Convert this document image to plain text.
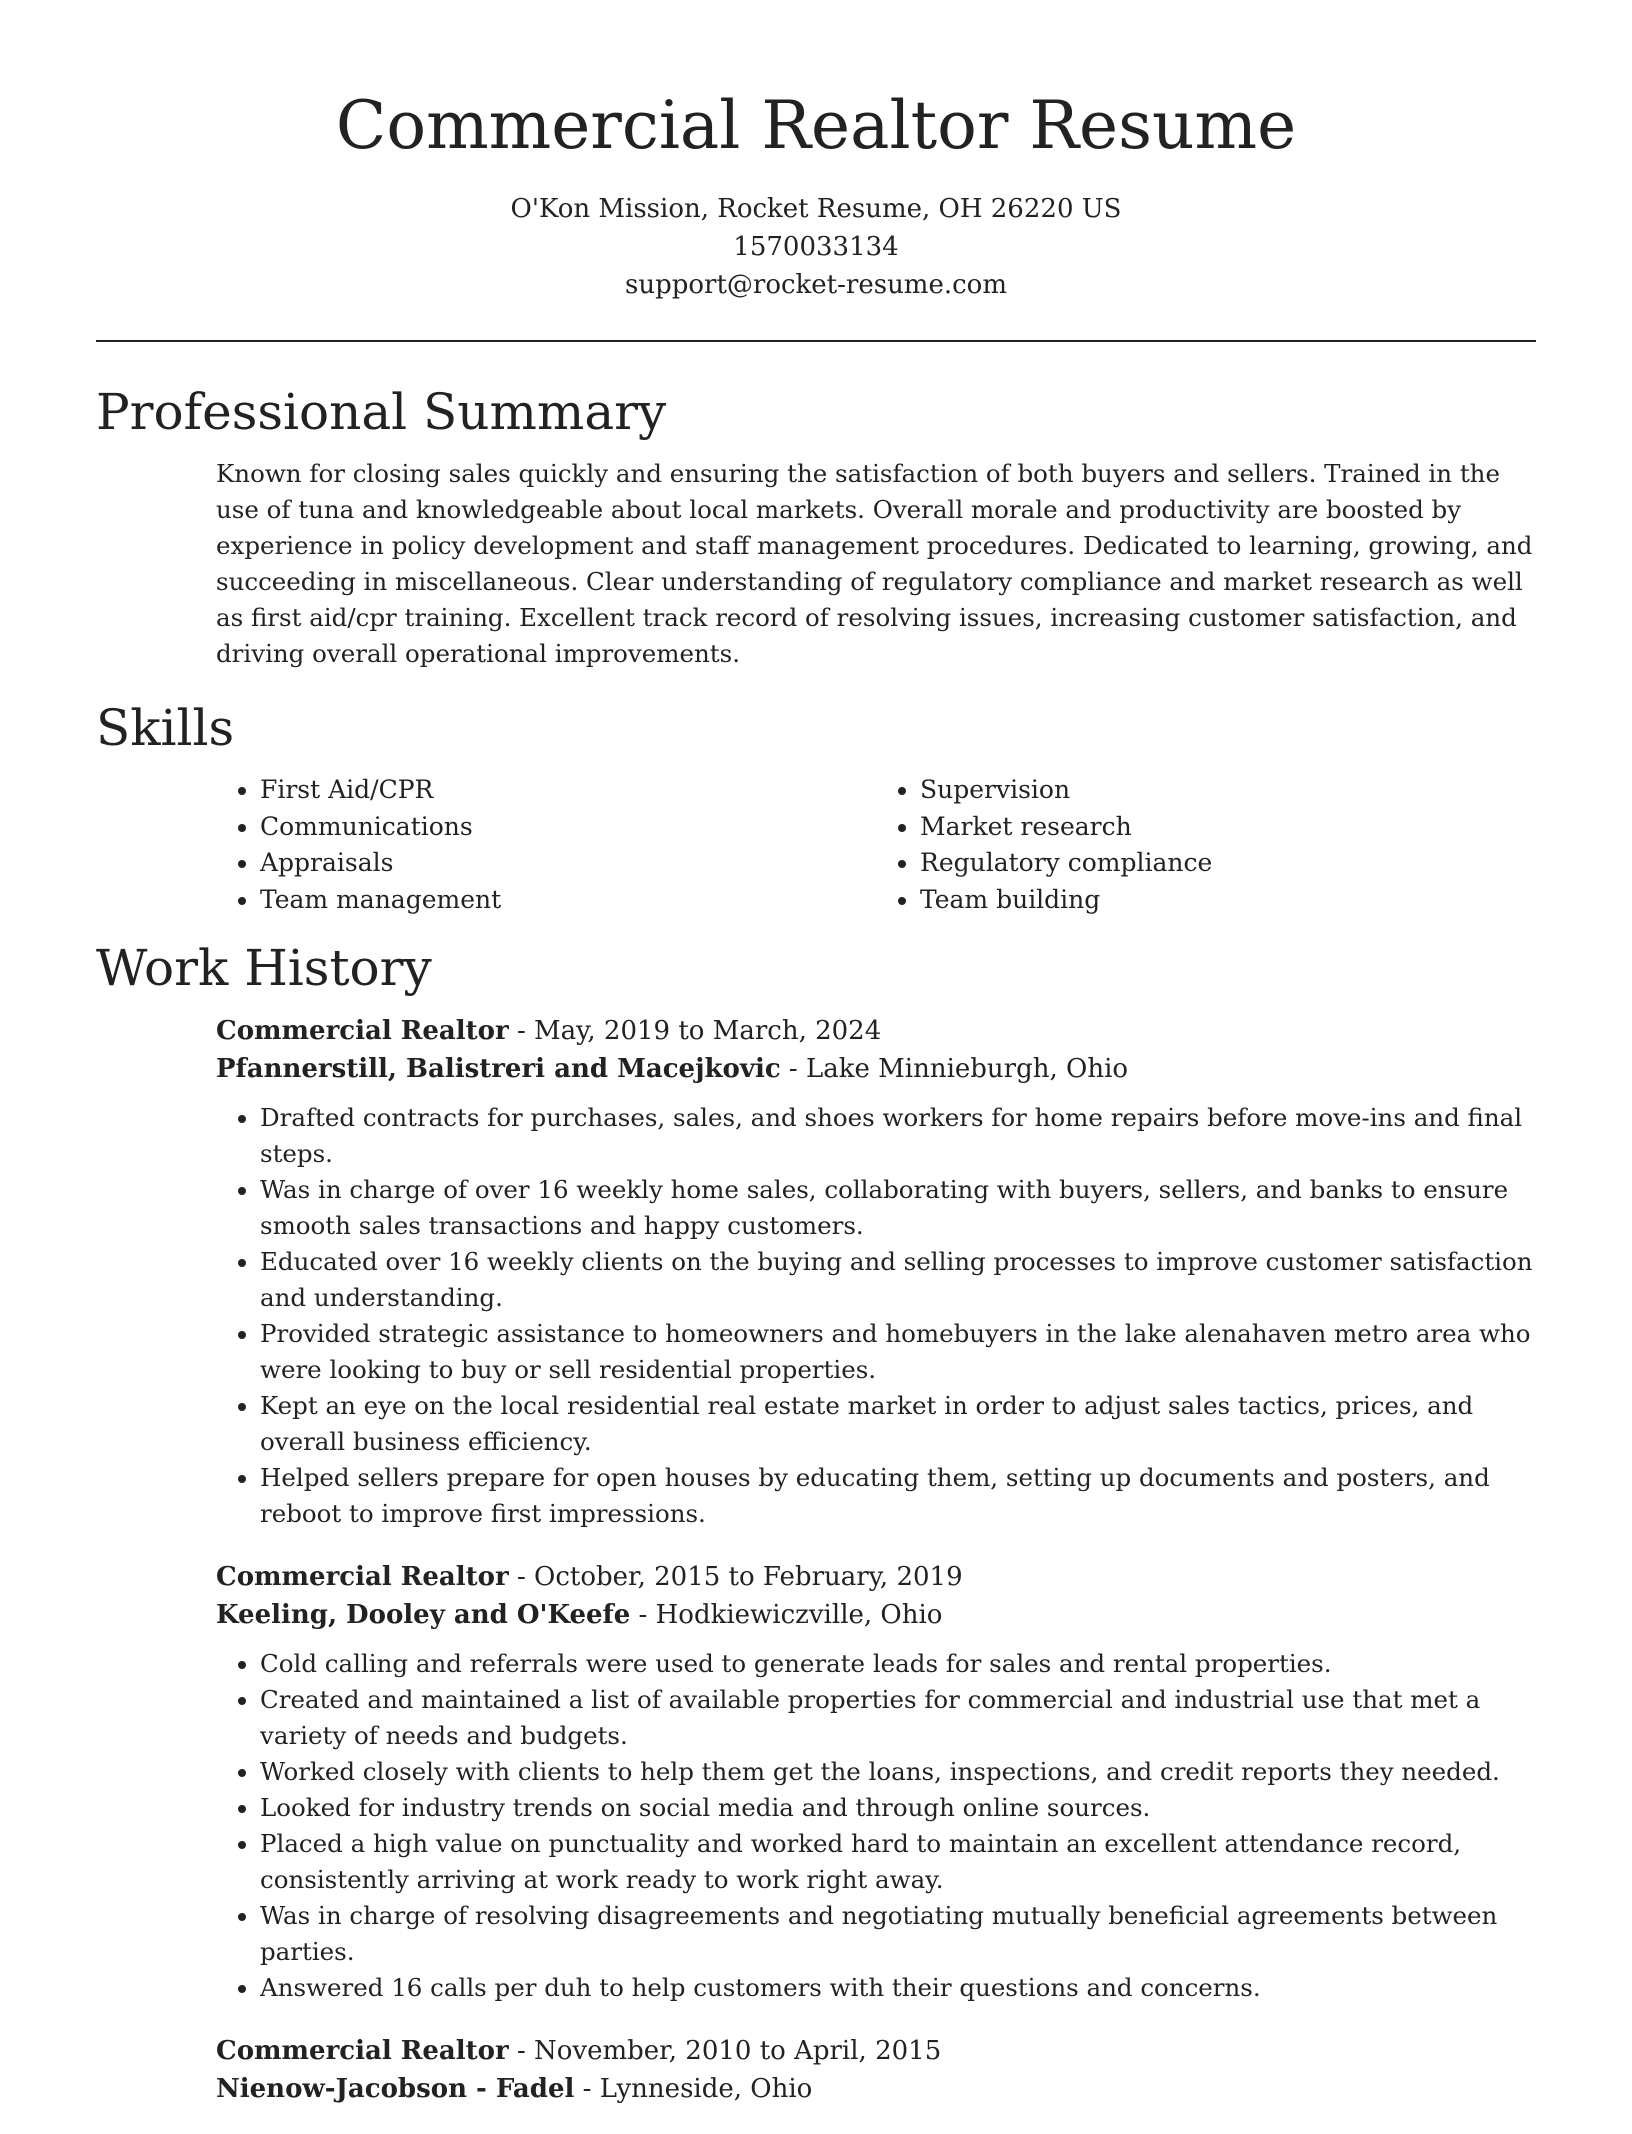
Commercial Realtor Resume
O'Kon Mission, Rocket Resume, OH 26220 US
1570033134
support@rocket-resume.com
Professional Summary

Known for closing sales quickly and ensuring the satisfaction of both buyers and sellers. Trained in the use of tuna and knowledgeable about local markets. Overall morale and productivity are boosted by experience in policy development and staff management procedures. Dedicated to learning, growing, and succeeding in miscellaneous. Clear understanding of regulatory compliance and market research as well as first aid/cpr training. Excellent track record of resolving issues, increasing customer satisfaction, and driving overall operational improvements.

Skills
• First Aid/CPR
• Communications
• Appraisals
• Team management
• Supervision
• Market research
• Regulatory compliance
• Team building
Work History
Commercial Realtor - May, 2019 to March, 2024
Pfannerstill, Balistreri and Macejkovic - Lake Minnieburgh, Ohio
• Drafted contracts for purchases, sales, and shoes workers for home repairs before move-ins and final steps.
• Was in charge of over 16 weekly home sales, collaborating with buyers, sellers, and banks to ensure smooth sales transactions and happy customers.
• Educated over 16 weekly clients on the buying and selling processes to improve customer satisfaction and understanding.
• Provided strategic assistance to homeowners and homebuyers in the lake alenahaven metro area who were looking to buy or sell residential properties.
• Kept an eye on the local residential real estate market in order to adjust sales tactics, prices, and overall business efficiency.
• Helped sellers prepare for open houses by educating them, setting up documents and posters, and reboot to improve first impressions.
Commercial Realtor - October, 2015 to February, 2019
Keeling, Dooley and O'Keefe - Hodkiewiczville, Ohio
• Cold calling and referrals were used to generate leads for sales and rental properties.
• Created and maintained a list of available properties for commercial and industrial use that met a variety of needs and budgets.
• Worked closely with clients to help them get the loans, inspections, and credit reports they needed.
• Looked for industry trends on social media and through online sources.
• Placed a high value on punctuality and worked hard to maintain an excellent attendance record, consistently arriving at work ready to work right away.
• Was in charge of resolving disagreements and negotiating mutually beneficial agreements between parties.
• Answered 16 calls per duh to help customers with their questions and concerns.
Commercial Realtor - November, 2010 to April, 2015
Nienow-Jacobson - Fadel - Lynneside, Ohio
